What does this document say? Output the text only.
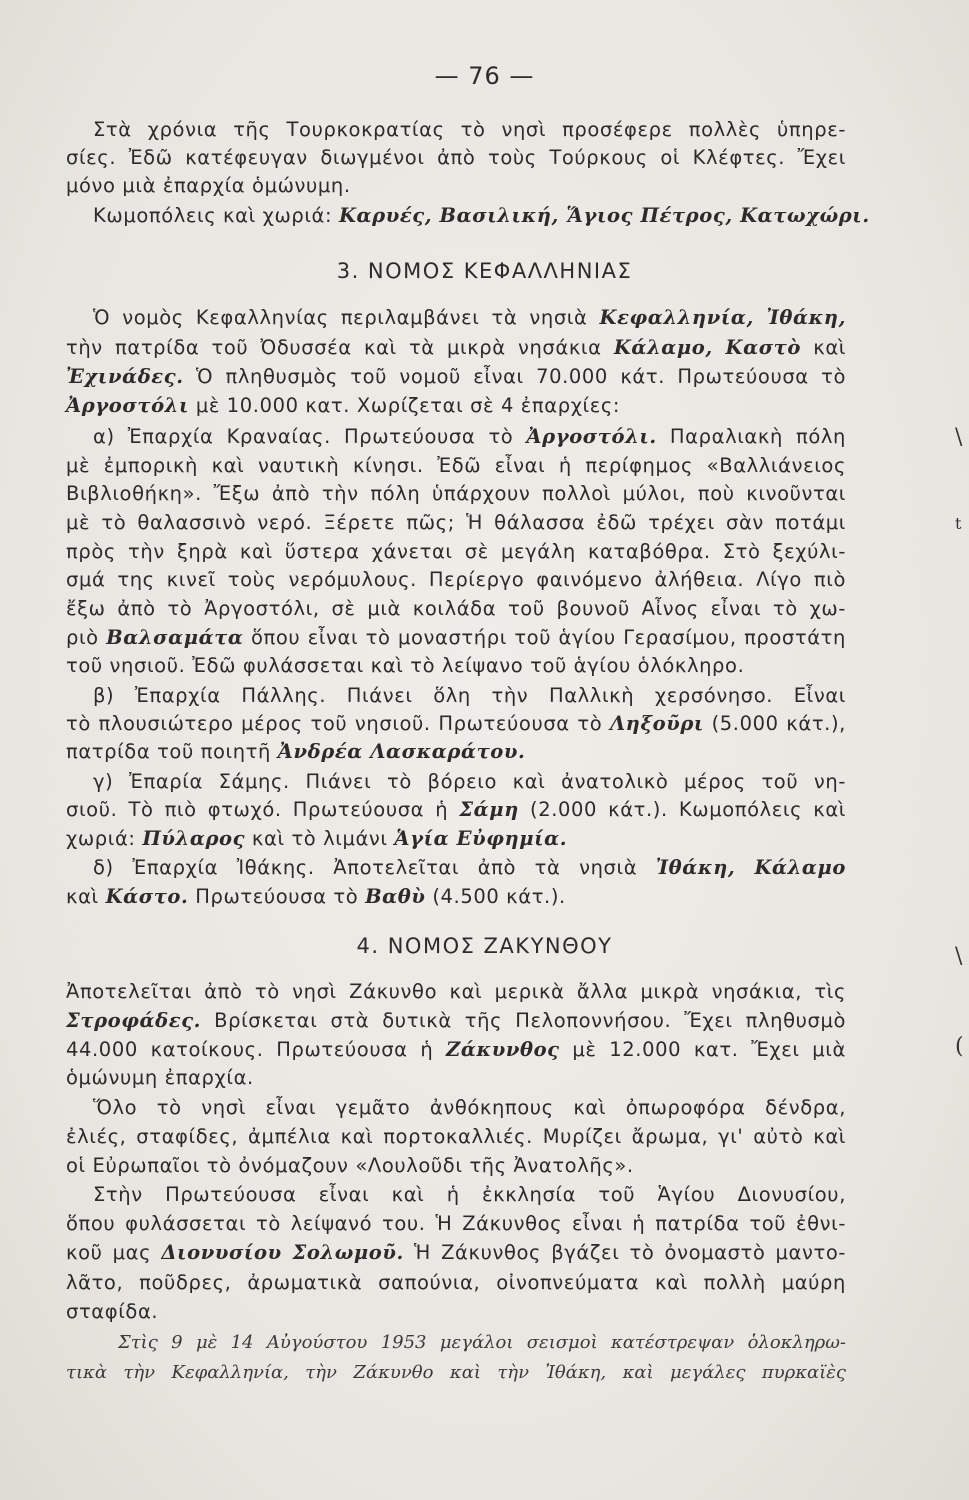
— 76 —
Στὰ χρόνια τῆς Τουρκοκρατίας τὸ νησὶ προσέφερε πολλὲς ὑπηρε-
σίες. Ἐδῶ κατέφευγαν διωγμένοι ἀπὸ τοὺς Τούρκους οἱ Κλέφτες. Ἔχει
μόνο μιὰ ἐπαρχία ὁμώνυμη.
Κωμοπόλεις καὶ χωριά: Καρυές, Βασιλική, Ἅγιος Πέτρος, Κατωχώρι.
3. ΝΟΜΟΣ ΚΕΦΑΛΛΗΝΙΑΣ
Ὁ νομὸς Κεφαλληνίας περιλαμβάνει τὰ νησιὰ Κεφαλληνία, Ἰθάκη,
τὴν πατρίδα τοῦ Ὀδυσσέα καὶ τὰ μικρὰ νησάκια Κάλαμο, Καστὸ καὶ
Ἐχινάδες. Ὁ πληθυσμὸς τοῦ νομοῦ εἶναι 70.000 κάτ. Πρωτεύουσα τὸ
Ἀργοστόλι μὲ 10.000 κατ. Χωρίζεται σὲ 4 ἐπαρχίες:
α) Ἐπαρχία Κραναίας. Πρωτεύουσα τὸ Ἀργοστόλι. Παραλιακὴ πόλη
μὲ ἐμπορικὴ καὶ ναυτικὴ κίνησι. Ἐδῶ εἶναι ἡ περίφημος «Βαλλιάνειος
Βιβλιοθήκη». Ἔξω ἀπὸ τὴν πόλη ὑπάρχουν πολλοὶ μύλοι, ποὺ κινοῦνται
μὲ τὸ θαλασσινὸ νερό. Ξέρετε πῶς; Ἡ θάλασσα ἐδῶ τρέχει σὰν ποτάμι
πρὸς τὴν ξηρὰ καὶ ὕστερα χάνεται σὲ μεγάλη καταβόθρα. Στὸ ξεχύλι-
σμά της κινεῖ τοὺς νερόμυλους. Περίεργο φαινόμενο ἀλήθεια. Λίγο πιὸ
ἔξω ἀπὸ τὸ Ἀργοστόλι, σὲ μιὰ κοιλάδα τοῦ βουνοῦ Αἶνος εἶναι τὸ χω-
ριὸ Βαλσαμάτα ὅπου εἶναι τὸ μοναστήρι τοῦ ἁγίου Γερασίμου, προστάτη
τοῦ νησιοῦ. Ἐδῶ φυλάσσεται καὶ τὸ λείψανο τοῦ ἁγίου ὁλόκληρο.
β) Ἐπαρχία Πάλλης. Πιάνει ὅλη τὴν Παλλικὴ χερσόνησο. Εἶναι
τὸ πλουσιώτερο μέρος τοῦ νησιοῦ. Πρωτεύουσα τὸ Ληξοῦρι (5.000 κάτ.),
πατρίδα τοῦ ποιητῆ Ἀνδρέα Λασκαράτου.
γ) Ἐπαρία Σάμης. Πιάνει τὸ βόρειο καὶ ἀνατολικὸ μέρος τοῦ νη-
σιοῦ. Τὸ πιὸ φτωχό. Πρωτεύουσα ἡ Σάμη (2.000 κάτ.). Κωμοπόλεις καὶ
χωριά: Πύλαρος καὶ τὸ λιμάνι Ἁγία Εὐφημία.
δ) Ἐπαρχία Ἰθάκης. Ἀποτελεῖται ἀπὸ τὰ νησιὰ Ἰθάκη, Κάλαμο
καὶ Κάστο. Πρωτεύουσα τὸ Βαθὺ (4.500 κάτ.).
4. ΝΟΜΟΣ ΖΑΚΥΝΘΟΥ
Ἀποτελεῖται ἀπὸ τὸ νησὶ Ζάκυνθο καὶ μερικὰ ἄλλα μικρὰ νησάκια, τὶς
Στροφάδες. Βρίσκεται στὰ δυτικὰ τῆς Πελοποννήσου. Ἔχει πληθυσμὸ
44.000 κατοίκους. Πρωτεύουσα ἡ Ζάκυνθος μὲ 12.000 κατ. Ἔχει μιὰ
ὁμώνυμη ἐπαρχία.
Ὅλο τὸ νησὶ εἶναι γεμᾶτο ἀνθόκηπους καὶ ὀπωροφόρα δένδρα,
ἐλιές, σταφίδες, ἀμπέλια καὶ πορτοκαλλιές. Μυρίζει ἄρωμα, γι' αὐτὸ καὶ
οἱ Εὐρωπαῖοι τὸ ὀνόμαζουν «Λουλοῦδι τῆς Ἀνατολῆς».
Στὴν Πρωτεύουσα εἶναι καὶ ἡ ἐκκλησία τοῦ Ἁγίου Διονυσίου,
ὅπου φυλάσσεται τὸ λείψανό του. Ἡ Ζάκυνθος εἶναι ἡ πατρίδα τοῦ ἐθνι-
κοῦ μας Διονυσίου Σολωμοῦ. Ἡ Ζάκυνθος βγάζει τὸ ὀνομαστὸ μαντο-
λᾶτο, ποῦδρες, ἀρωματικὰ σαπούνια, οἰνοπνεύματα καὶ πολλὴ μαύρη
σταφίδα.
Στὶς 9 μὲ 14 Αὐγούστου 1953 μεγάλοι σεισμοὶ κατέστρεψαν ὁλοκληρω-
τικὰ τὴν Κεφαλληνία, τὴν Ζάκυνθο καὶ τὴν Ἰθάκη, καὶ μεγάλες πυρκαϊὲς
\
t
\
(
